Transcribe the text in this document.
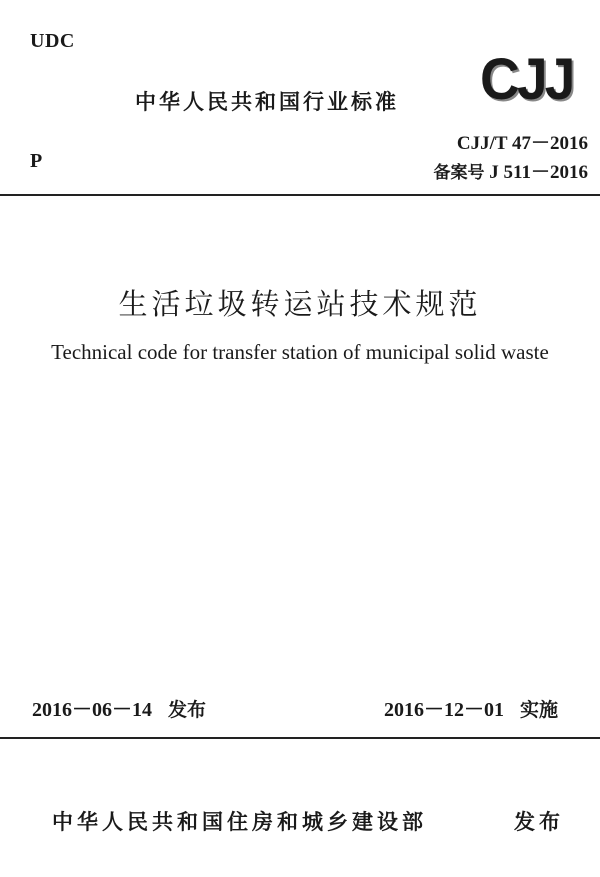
UDC
中华人民共和国行业标准 CJJ
P
CJJ/T 47－2016
备案号 J 511－2016
生活垃圾转运站技术规范
Technical code for transfer station of municipal solid waste
2016－06－14 发布	2016－12－01 实施
中华人民共和国住房和城乡建设部	发布
